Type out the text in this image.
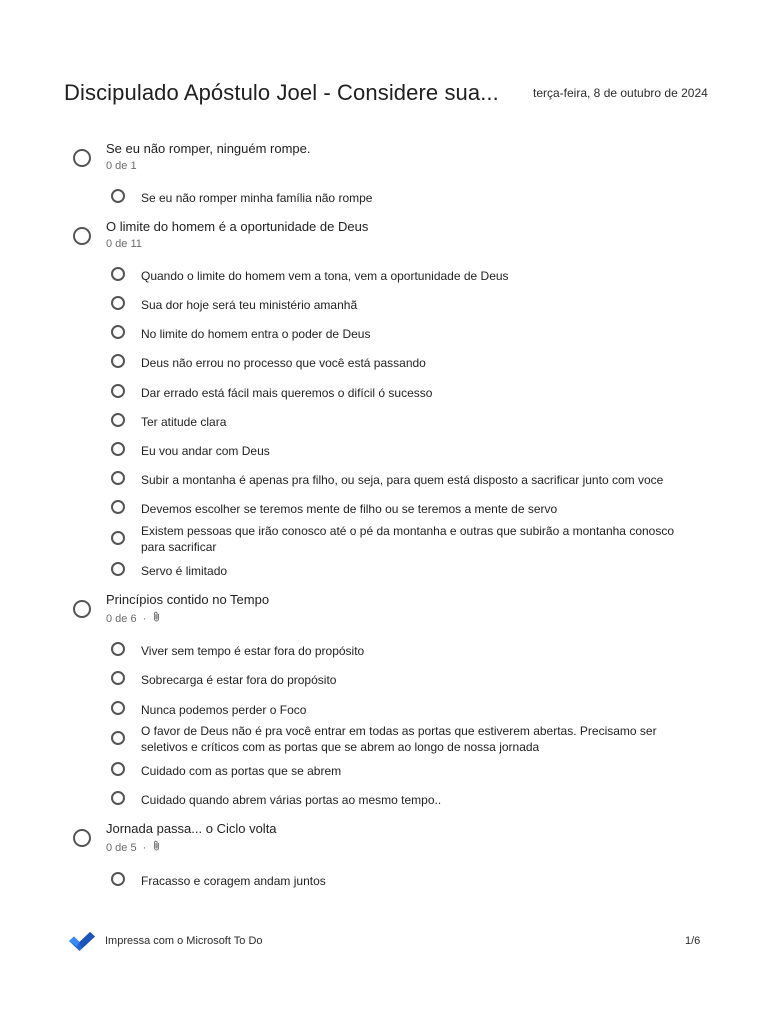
Discipulado Apóstulo Joel - Considere sua...	terça-feira, 8 de outubro de 2024
Se eu não romper, ninguém rompe.
0 de 1
Se eu não romper minha família não rompe
O limite do homem é a oportunidade de Deus
0 de 11
Quando o limite do homem vem a tona, vem a oportunidade de Deus
Sua dor hoje será teu ministério amanhã
No limite do homem entra o poder de Deus
Deus não errou no processo que você está passando
Dar errado está fácil mais queremos o difícil ó sucesso
Ter atitude clara
Eu vou andar com Deus
Subir a montanha é apenas pra filho, ou seja, para quem está disposto a sacrificar junto com voce
Devemos escolher se teremos mente de filho ou se teremos a mente de servo
Existem pessoas que irão conosco até o pé da montanha e outras que subirão a montanha conosco para sacrificar
Servo é limitado
Princípios contido no Tempo
0 de 6 ·
Viver sem tempo é estar fora do propósito
Sobrecarga é estar fora do propósito
Nunca podemos perder o Foco
O favor de Deus não é pra você entrar em todas as portas que estiverem abertas. Precisamo ser seletivos e críticos com as portas que se abrem ao longo de nossa jornada
Cuidado com as portas que se abrem
Cuidado quando abrem várias portas ao mesmo tempo..
Jornada passa... o Ciclo volta
0 de 5 ·
Fracasso e coragem andam juntos
Impressa com o Microsoft To Do	1/6
